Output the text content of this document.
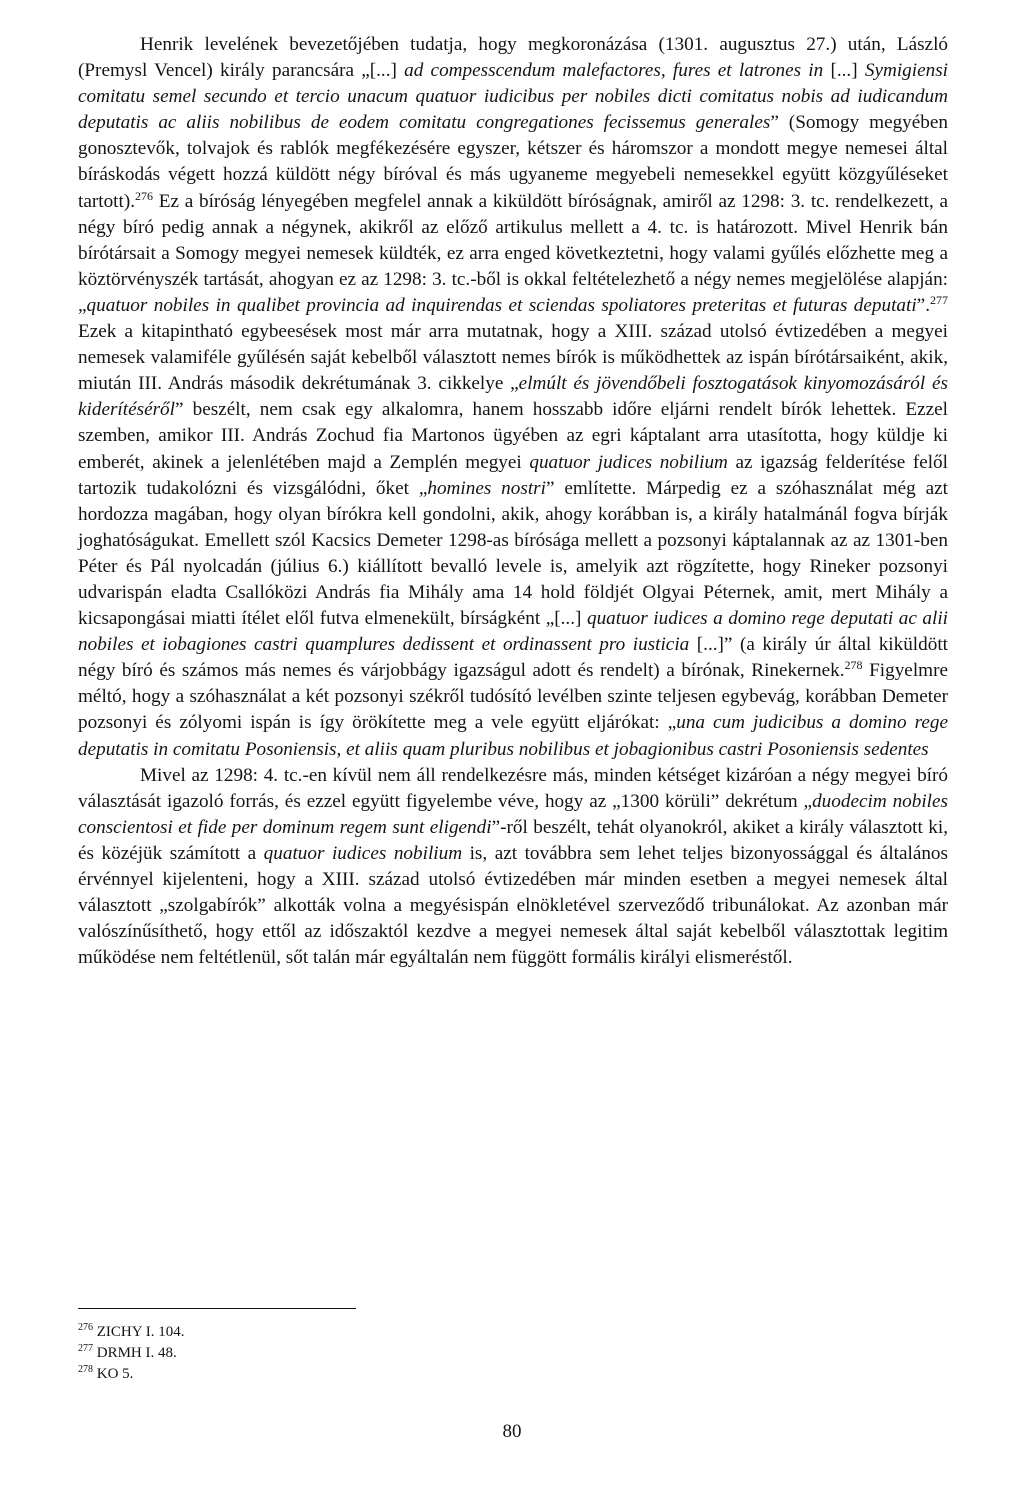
Henrik levelének bevezetőjében tudatja, hogy megkoronázása (1301. augusztus 27.) után, László (Premysl Vencel) király parancsára „[...] ad compesscendum malefactores, fures et latrones in [...] Symigiensi comitatu semel secundo et tercio unacum quatuor iudicibus per nobiles dicti comitatus nobis ad iudicandum deputatis ac aliis nobilibus de eodem comitatu congregationes fecissemus generales” (Somogy megyében gonosztevők, tolvajok és rablók megfékezésére egyszer, kétszer és háromszor a mondott megye nemesei által bíráskodás végett hozzá küldött négy bíróval és más ugyaneme megyebeli nemesekkel együtt közgyűléseket tartott).$^{276}$ Ez a bíróság lényegében megfelel annak a kiküldött bíróságnak, amiről az 1298: 3. tc. rendelkezett, a négy bíró pedig annak a négynek, akikről az előző artikulus mellett a 4. tc. is határozott. Mivel Henrik bán bírótársait a Somogy megyei nemesek küldték, ez arra enged következtetni, hogy valami gyűlés előzhette meg a köztörvényszék tartását, ahogyan ez az 1298: 3. tc.-ből is okkal feltételezhető a négy nemes megjelölése alapján: „quatuor nobiles in qualibet provincia ad inquirendas et sciendas spoliatores preteritas et futuras deputati”.$^{277}$ Ezek a kitapintható egybeesések most már arra mutatnak, hogy a XIII. század utolsó évtizedében a megyei nemesek valamiféle gyűlésén saját kebelből választott nemes bírók is működhettek az ispán bírótársaiként, akik, miután III. András második dekrétumának 3. cikkelye „elmúlt és jövendőbeli fosztogatások kinyomozásáról és kiderítéséről” beszélt, nem csak egy alkalomra, hanem hosszabb időre eljárni rendelt bírók lehettek. Ezzel szemben, amikor III. András Zochud fia Martonos ügyében az egri káptalant arra utasította, hogy küldje ki emberét, akinek a jelenlétében majd a Zemplén megyei quatuor judices nobilium az igazság felderítése felől tartozik tudakolózni és vizsgálódni, őket „homines nostri” említette. Márpedig ez a szóhasználat még azt hordozza magában, hogy olyan bírókra kell gondolni, akik, ahogy korábban is, a király hatalmánál fogva bírják joghatóságukat. Emellett szól Kacsics Demeter 1298-as bírósága mellett a pozsonyi káptalannak az az 1301-ben Péter és Pál nyolcadán (július 6.) kiállított bevalló levele is, amelyik azt rögzítette, hogy Rineker pozsonyi udvarispán eladta Csallóközi András fia Mihály ama 14 hold földjét Olgyai Péternek, amit, mert Mihály a kicsapongásai miatti ítélet elől futva elmenekült, bírságként „[...] quatuor iudices a domino rege deputati ac alii nobiles et iobagiones castri quamplures dedissent et ordinassent pro iusticia [...]” (a király úr által kiküldött négy bíró és számos más nemes és várjobbágy igazságul adott és rendelt) a bírónak, Rinekernek.$^{278}$ Figyelmre méltó, hogy a szóhasználat a két pozsonyi székről tudósító levélben szinte teljesen egybevág, korábban Demeter pozsonyi és zólyomi ispán is így örökítette meg a vele együtt eljárókat: „una cum judicibus a domino rege deputatis in comitatu Posoniensis, et aliis quam pluribus nobilibus et jobagionibus castri Posoniensis sedentes

Mivel az 1298: 4. tc.-en kívül nem áll rendelkezésre más, minden kétséget kizáróan a négy megyei bíró választását igazoló forrás, és ezzel együtt figyelembe véve, hogy az „1300 körüli” dekrétum „duodecim nobiles conscientosi et fide per dominum regem sunt eligendi”-ről beszélt, tehát olyanokról, akiket a király választott ki, és közéjük számított a quatuor iudices nobilium is, azt továbbra sem lehet teljes bizonyossággal és általános érvénnyel kijelenteni, hogy a XIII. század utolsó évtizedében már minden esetben a megyei nemesek által választott „szolgabírók” alkották volna a megyésispán elnökletével szerveződő tribunálokat. Az azonban már valószínűsíthető, hogy ettől az időszaktól kezdve a megyei nemesek által saját kebelből választottak legitim működése nem feltétlenül, sőt talán már egyáltalán nem függött formális királyi elismeréstől.

$^{276}$ ZICHY I. 104.
$^{277}$ DRMH I. 48.
$^{278}$ KO 5.
80
